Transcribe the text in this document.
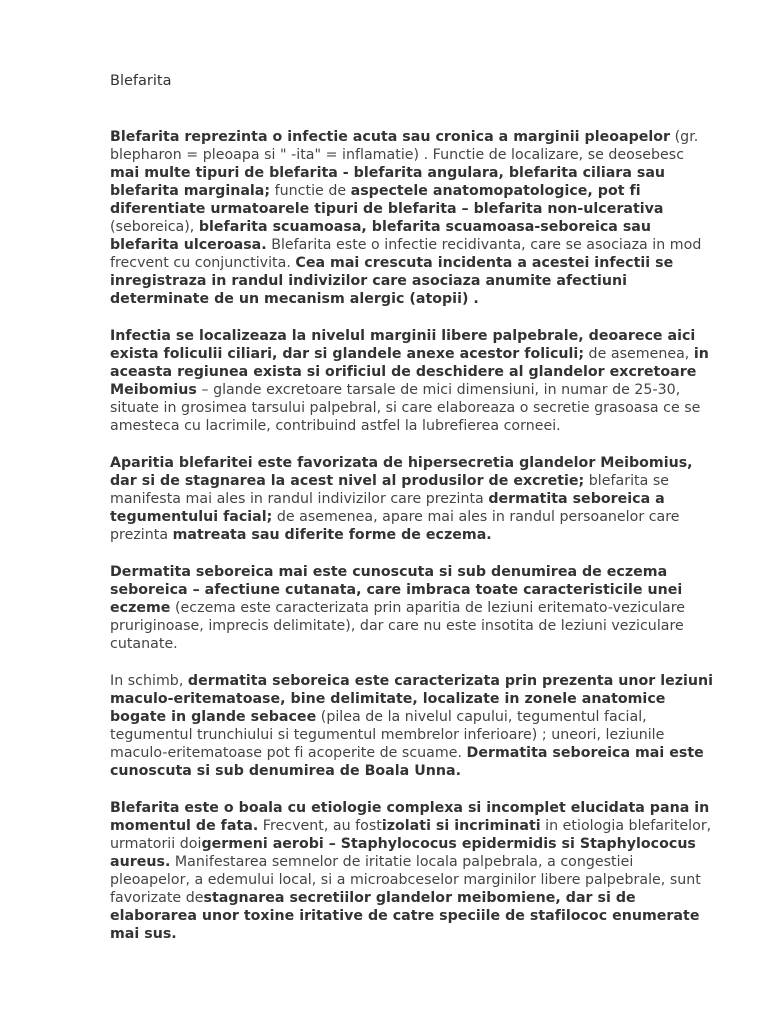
Blefarita

Blefarita reprezinta o infectie acuta sau cronica a marginii pleoapelor (gr. blepharon = pleoapa si " -ita" = inflamatie) . Functie de localizare, se deosebesc mai multe tipuri de blefarita - blefarita angulara, blefarita ciliara sau blefarita marginala; functie de aspectele anatomopatologice, pot fi diferentiate urmatoarele tipuri de blefarita – blefarita non-ulcerativa (seboreica), blefarita scuamoasa, blefarita scuamoasa-seboreica sau blefarita ulceroasa. Blefarita este o infectie recidivanta, care se asociaza in mod frecvent cu conjunctivita. Cea mai crescuta incidenta a acestei infectii se inregistraza in randul indivizilor care asociaza anumite afectiuni determinate de un mecanism alergic (atopii) .

Infectia se localizeaza la nivelul marginii libere palpebrale, deoarece aici exista foliculii ciliari, dar si glandele anexe acestor foliculi; de asemenea, in aceasta regiunea exista si orificiul de deschidere al glandelor excretoare Meibomius – glande excretoare tarsale de mici dimensiuni, in numar de 25-30, situate in grosimea tarsului palpebral, si care elaboreaza o secretie grasoasa ce se amesteca cu lacrimile, contribuind astfel la lubrefierea corneei.

Aparitia blefaritei este favorizata de hipersecretia glandelor Meibomius, dar si de stagnarea la acest nivel al produsilor de excretie; blefarita se manifesta mai ales in randul indivizilor care prezinta dermatita seboreica a tegumentului facial; de asemenea, apare mai ales in randul persoanelor care prezinta matreata sau diferite forme de eczema.

Dermatita seboreica mai este cunoscuta si sub denumirea de eczema seboreica – afectiune cutanata, care imbraca toate caracteristicile unei eczeme (eczema este caracterizata prin aparitia de leziuni eritemato-veziculare pruriginoase, imprecis delimitate), dar care nu este insotita de leziuni veziculare cutanate.

In schimb, dermatita seboreica este caracterizata prin prezenta unor leziuni maculo-eritematoase, bine delimitate, localizate in zonele anatomice bogate in glande sebacee (pilea de la nivelul capului, tegumentul facial, tegumentul trunchiului si tegumentul membrelor inferioare) ; uneori, leziunile maculo-eritematoase pot fi acoperite de scuame. Dermatita seboreica mai este cunoscuta si sub denumirea de Boala Unna.

Blefarita este o boala cu etiologie complexa si incomplet elucidata pana in momentul de fata. Frecvent, au fostizolati si incriminati in etiologia blefaritelor, urmatorii doigermeni aerobi – Staphylococus epidermidis si Staphylococus aureus. Manifestarea semnelor de iritatie locala palpebrala, a congestiei pleoapelor, a edemului local, si a microabceselor marginilor libere palpebrale, sunt favorizate destagnarea secretiilor glandelor meibomiene, dar si de elaborarea unor toxine iritative de catre speciile de stafilococ enumerate mai sus.
